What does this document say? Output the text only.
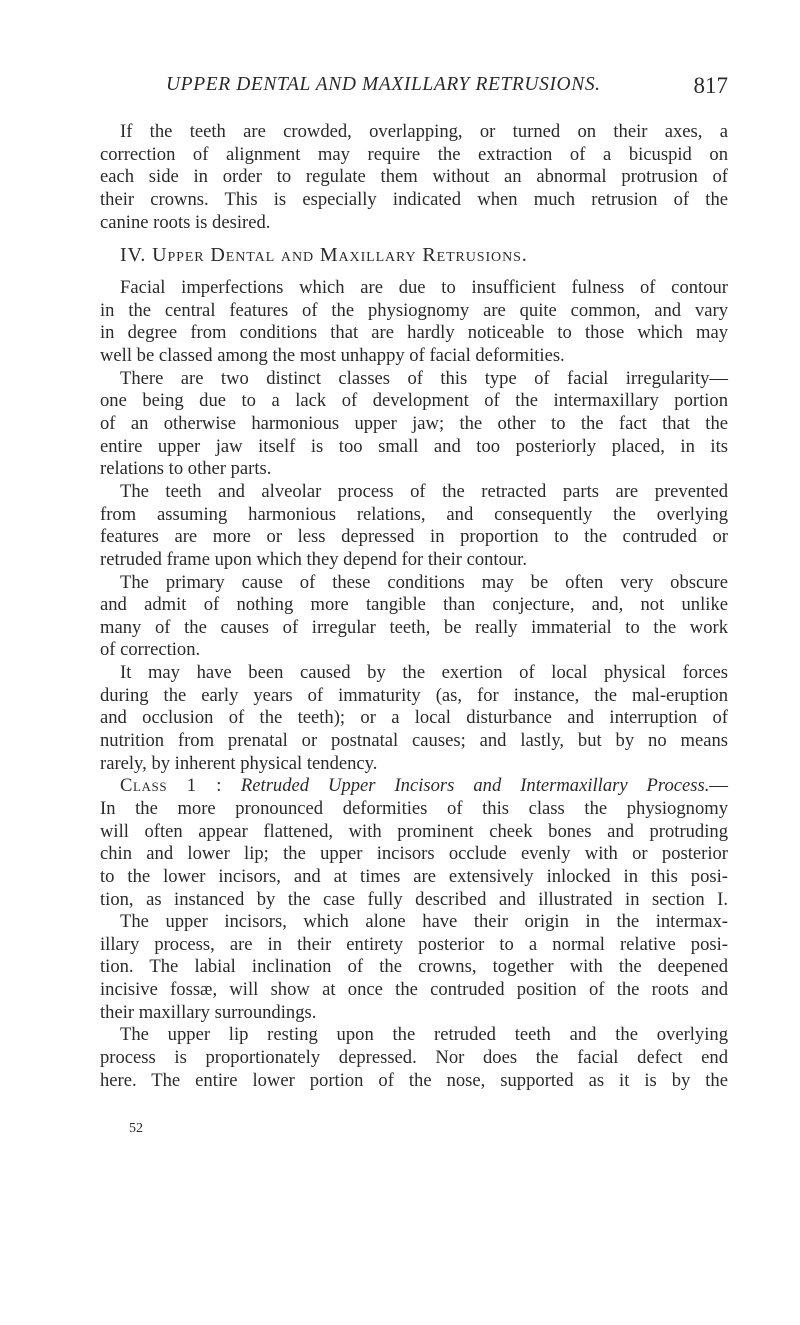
UPPER DENTAL AND MAXILLARY RETRUSIONS.	817
If the teeth are crowded, overlapping, or turned on their axes, a
correction of alignment may require the extraction of a bicuspid on
each side in order to regulate them without an abnormal protrusion of
their crowns. This is especially indicated when much retrusion of the
canine roots is desired.
IV. Upper Dental and Maxillary Retrusions.
Facial imperfections which are due to insufficient fulness of contour
in the central features of the physiognomy are quite common, and vary
in degree from conditions that are hardly noticeable to those which may
well be classed among the most unhappy of facial deformities.
There are two distinct classes of this type of facial irregularity—
one being due to a lack of development of the intermaxillary portion
of an otherwise harmonious upper jaw; the other to the fact that the
entire upper jaw itself is too small and too posteriorly placed, in its
relations to other parts.
The teeth and alveolar process of the retracted parts are prevented
from assuming harmonious relations, and consequently the overlying
features are more or less depressed in proportion to the contruded or
retruded frame upon which they depend for their contour.
The primary cause of these conditions may be often very obscure
and admit of nothing more tangible than conjecture, and, not unlike
many of the causes of irregular teeth, be really immaterial to the work
of correction.
It may have been caused by the exertion of local physical forces
during the early years of immaturity (as, for instance, the mal-eruption
and occlusion of the teeth); or a local disturbance and interruption of
nutrition from prenatal or postnatal causes; and lastly, but by no means
rarely, by inherent physical tendency.
Class 1 : Retruded Upper Incisors and Intermaxillary Process.—
In the more pronounced deformities of this class the physiognomy
will often appear flattened, with prominent cheek bones and protruding
chin and lower lip; the upper incisors occlude evenly with or posterior
to the lower incisors, and at times are extensively inlocked in this posi-
tion, as instanced by the case fully described and illustrated in section I.
The upper incisors, which alone have their origin in the intermax-
illary process, are in their entirety posterior to a normal relative posi-
tion. The labial inclination of the crowns, together with the deepened
incisive fossæ, will show at once the contruded position of the roots and
their maxillary surroundings.
The upper lip resting upon the retruded teeth and the overlying
process is proportionately depressed. Nor does the facial defect end
here. The entire lower portion of the nose, supported as it is by the
52
